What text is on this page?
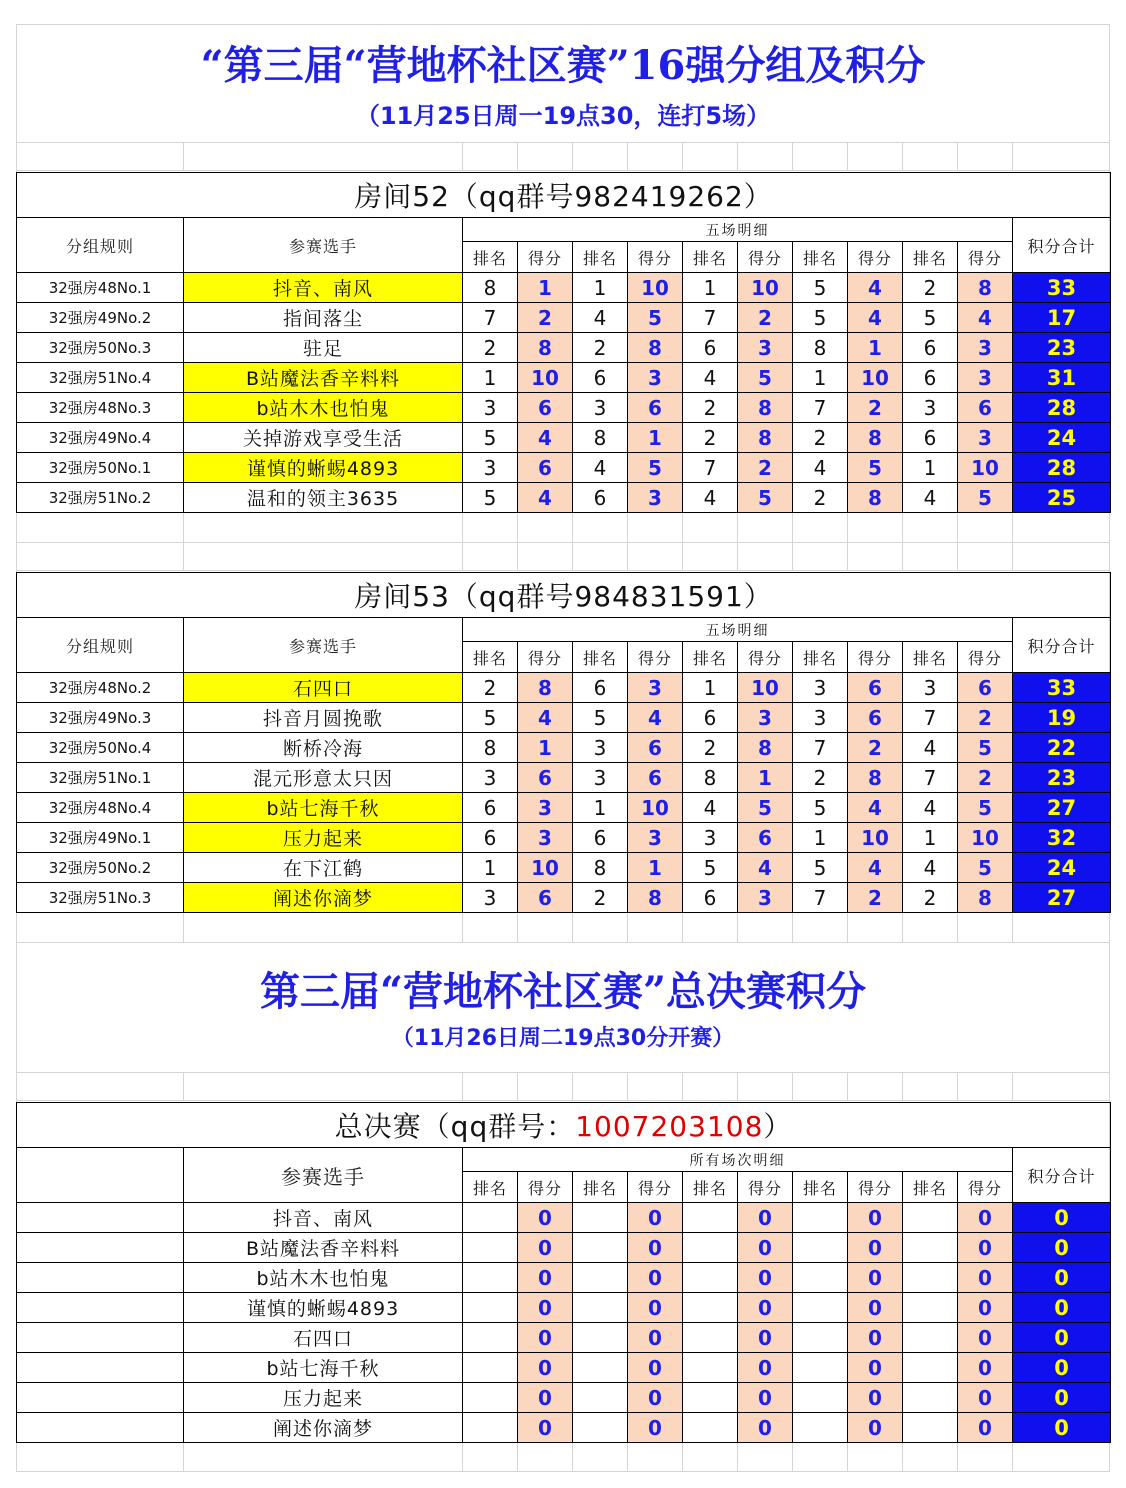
“第三届“营地杯社区赛”16强分组及积分
（11月25日周一19点30，连打5场）
房间52（qq群号982419262）												
分组规则	参赛选手	五场明细										积分合计
		排名	得分	排名	得分	排名	得分	排名	得分	排名	得分	
32强房48No.1	抖音、南风	8	1	1	10	1	10	5	4	2	8	33
32强房49No.2	指间落尘	7	2	4	5	7	2	5	4	5	4	17
32强房50No.3	驻足	2	8	2	8	6	3	8	1	6	3	23
32强房51No.4	B站魔法香辛料料	1	10	6	3	4	5	1	10	6	3	31
32强房48No.3	b站木木也怕鬼	3	6	3	6	2	8	7	2	3	6	28
32强房49No.4	关掉游戏享受生活	5	4	8	1	2	8	2	8	6	3	24
32强房50No.1	谨慎的蜥蜴4893	3	6	4	5	7	2	4	5	1	10	28
32强房51No.2	温和的领主3635	5	4	6	3	4	5	2	8	4	5	25
房间53（qq群号984831591）												
分组规则	参赛选手	五场明细										积分合计
		排名	得分	排名	得分	排名	得分	排名	得分	排名	得分	
32强房48No.2	石四口	2	8	6	3	1	10	3	6	3	6	33
32强房49No.3	抖音月圆挽歌	5	4	5	4	6	3	3	6	7	2	19
32强房50No.4	断桥冷海	8	1	3	6	2	8	7	2	4	5	22
32强房51No.1	混元形意太只因	3	6	3	6	8	1	2	8	7	2	23
32强房48No.4	b站七海千秋	6	3	1	10	4	5	5	4	4	5	27
32强房49No.1	压力起来	6	3	6	3	3	6	1	10	1	10	32
32强房50No.2	在下江鹤	1	10	8	1	5	4	5	4	4	5	24
32强房51No.3	阐述你滴梦	3	6	2	8	6	3	7	2	2	8	27
第三届“营地杯社区赛”总决赛积分
（11月26日周二19点30分开赛）
总决赛（qq群号：1007203108）												
	参赛选手	所有场次明细										积分合计
		排名	得分	排名	得分	排名	得分	排名	得分	排名	得分	
	抖音、南风		0		0		0		0		0	0
	B站魔法香辛料料		0		0		0		0		0	0
	b站木木也怕鬼		0		0		0		0		0	0
	谨慎的蜥蜴4893		0		0		0		0		0	0
	石四口		0		0		0		0		0	0
	b站七海千秋		0		0		0		0		0	0
	压力起来		0		0		0		0		0	0
	阐述你滴梦		0		0		0		0		0	0
